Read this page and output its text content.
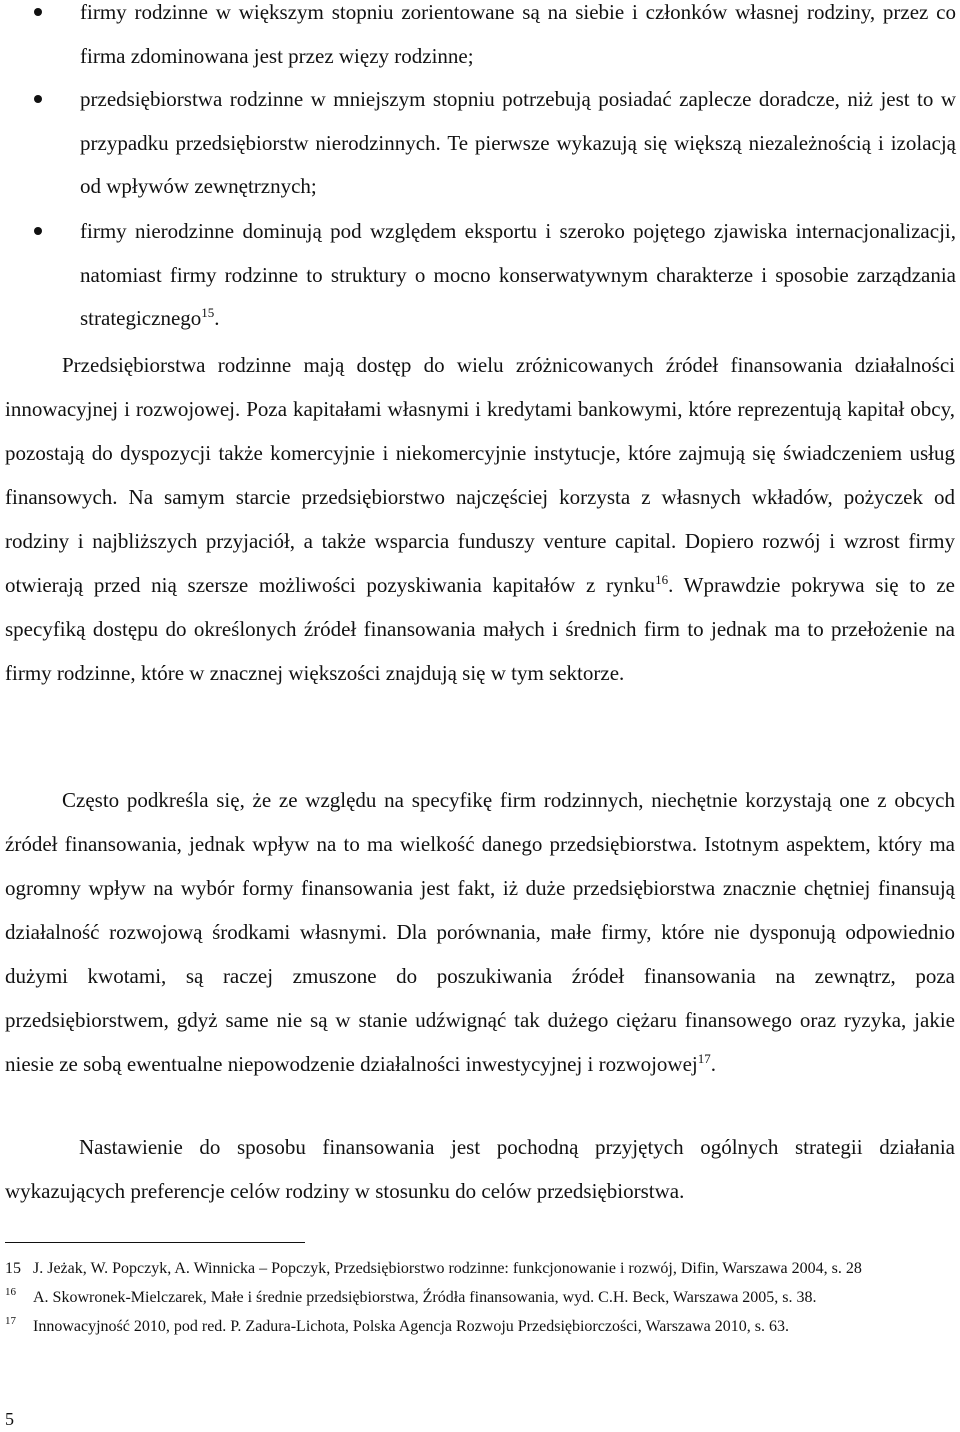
firmy rodzinne w większym stopniu zorientowane są na siebie i członków własnej rodziny, przez co firma zdominowana jest przez więzy rodzinne;
przedsiębiorstwa rodzinne w mniejszym stopniu potrzebują posiadać zaplecze doradcze, niż jest to w przypadku przedsiębiorstw nierodzinnych. Te pierwsze wykazują się większą niezależnością i izolacją od wpływów zewnętrznych;
firmy nierodzinne dominują pod względem eksportu i szeroko pojętego zjawiska internacjonalizacji, natomiast firmy rodzinne to struktury o mocno konserwatywnym charakterze i sposobie zarządzania strategicznego$^{15}$.

Przedsiębiorstwa rodzinne mają dostęp do wielu zróżnicowanych źródeł finansowania działalności innowacyjnej i rozwojowej. Poza kapitałami własnymi i kredytami bankowymi, które reprezentują kapitał obcy, pozostają do dyspozycji także komercyjnie i niekomercyjnie instytucje, które zajmują się świadczeniem usług finansowych. Na samym starcie przedsiębiorstwo najczęściej korzysta z własnych wkładów, pożyczek od rodziny i najbliższych przyjaciół, a także wsparcia funduszy venture capital. Dopiero rozwój i wzrost firmy otwierają przed nią szersze możliwości pozyskiwania kapitałów z rynku$^{16}$. Wprawdzie pokrywa się to ze specyfiką dostępu do określonych źródeł finansowania małych i średnich firm to jednak ma to przełożenie na firmy rodzinne, które w znacznej większości znajdują się w tym sektorze.

Często podkreśla się, że ze względu na specyfikę firm rodzinnych, niechętnie korzystają one z obcych źródeł finansowania, jednak wpływ na to ma wielkość danego przedsiębiorstwa. Istotnym aspektem, który ma ogromny wpływ na wybór formy finansowania jest fakt, iż duże przedsiębiorstwa znacznie chętniej finansują działalność rozwojową środkami własnymi. Dla porównania, małe firmy, które nie dysponują odpowiednio dużymi kwotami, są raczej zmuszone do poszukiwania źródeł finansowania na zewnątrz, poza przedsiębiorstwem, gdyż same nie są w stanie udźwignąć tak dużego ciężaru finansowego oraz ryzyka, jakie niesie ze sobą ewentualne niepowodzenie działalności inwestycyjnej i rozwojowej$^{17}$.

Nastawienie do sposobu finansowania jest pochodną przyjętych ogólnych strategii działania wykazujących preferencje celów rodziny w stosunku do celów przedsiębiorstwa.

15 J. Jeżak, W. Popczyk, A. Winnicka – Popczyk, Przedsiębiorstwo rodzinne: funkcjonowanie i rozwój, Difin, Warszawa 2004, s. 28

16 A. Skowronek-Mielczarek, Małe i średnie przedsiębiorstwa, Źródła finansowania, wyd. C.H. Beck, Warszawa 2005, s. 38.

17 Innowacyjność 2010, pod red. P. Zadura-Lichota, Polska Agencja Rozwoju Przedsiębiorczości, Warszawa 2010, s. 63.

5
